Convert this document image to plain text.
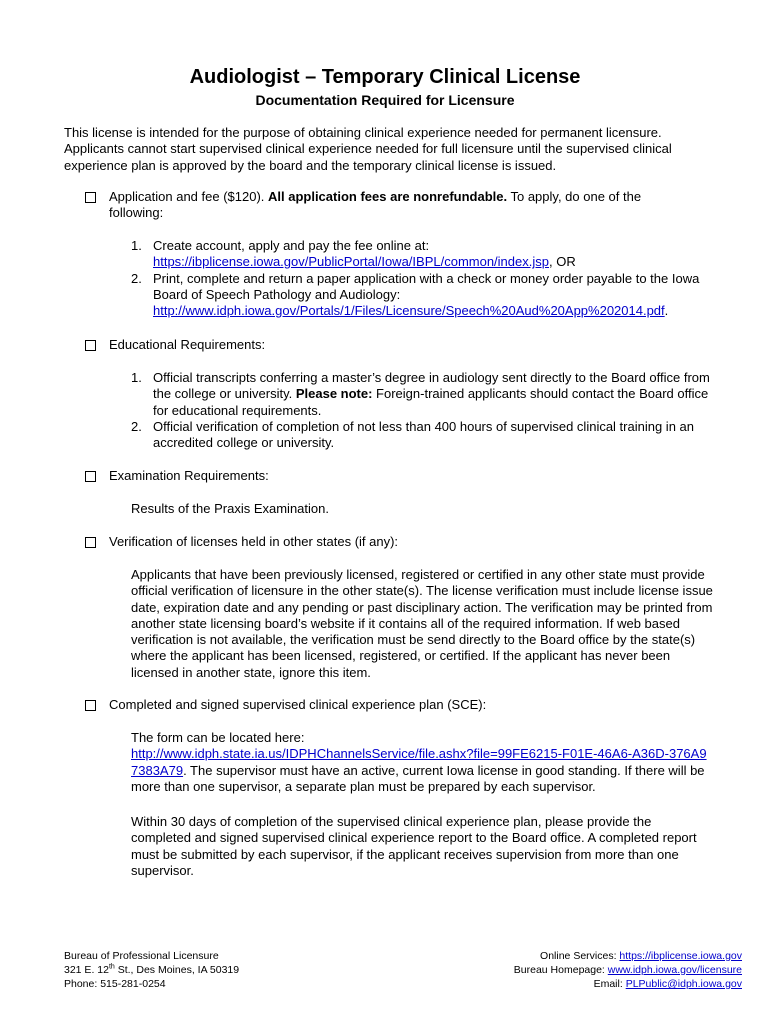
Audiologist – Temporary Clinical License
Documentation Required for Licensure
This license is intended for the purpose of obtaining clinical experience needed for permanent licensure. Applicants cannot start supervised clinical experience needed for full licensure until the supervised clinical experience plan is approved by the board and the temporary clinical license is issued.
Application and fee ($120). All application fees are nonrefundable. To apply, do one of the following:
1. Create account, apply and pay the fee online at:
https://ibplicense.iowa.gov/PublicPortal/Iowa/IBPL/common/index.jsp, OR
2. Print, complete and return a paper application with a check or money order payable to the Iowa Board of Speech Pathology and Audiology:
http://www.idph.iowa.gov/Portals/1/Files/Licensure/Speech%20Aud%20App%202014.pdf.
Educational Requirements:
1. Official transcripts conferring a master’s degree in audiology sent directly to the Board office from the college or university. Please note: Foreign-trained applicants should contact the Board office for educational requirements.
2. Official verification of completion of not less than 400 hours of supervised clinical training in an accredited college or university.
Examination Requirements:
Results of the Praxis Examination.
Verification of licenses held in other states (if any):
Applicants that have been previously licensed, registered or certified in any other state must provide official verification of licensure in the other state(s). The license verification must include license issue date, expiration date and any pending or past disciplinary action. The verification may be printed from another state licensing board’s website if it contains all of the required information. If web based verification is not available, the verification must be send directly to the Board office by the state(s) where the applicant has been licensed, registered, or certified. If the applicant has never been licensed in another state, ignore this item.
Completed and signed supervised clinical experience plan (SCE):
The form can be located here:
http://www.idph.state.ia.us/IDPHChannelsService/file.ashx?file=99FE6215-F01E-46A6-A36D-376A97383A79. The supervisor must have an active, current Iowa license in good standing. If there will be more than one supervisor, a separate plan must be prepared by each supervisor.
Within 30 days of completion of the supervised clinical experience plan, please provide the completed and signed supervised clinical experience report to the Board office. A completed report must be submitted by each supervisor, if the applicant receives supervision from more than one supervisor.
Bureau of Professional Licensure
321 E. 12th St., Des Moines, IA 50319
Phone: 515-281-0254
Online Services: https://ibplicense.iowa.gov
Bureau Homepage: www.idph.iowa.gov/licensure
Email: PLPublic@idph.iowa.gov
